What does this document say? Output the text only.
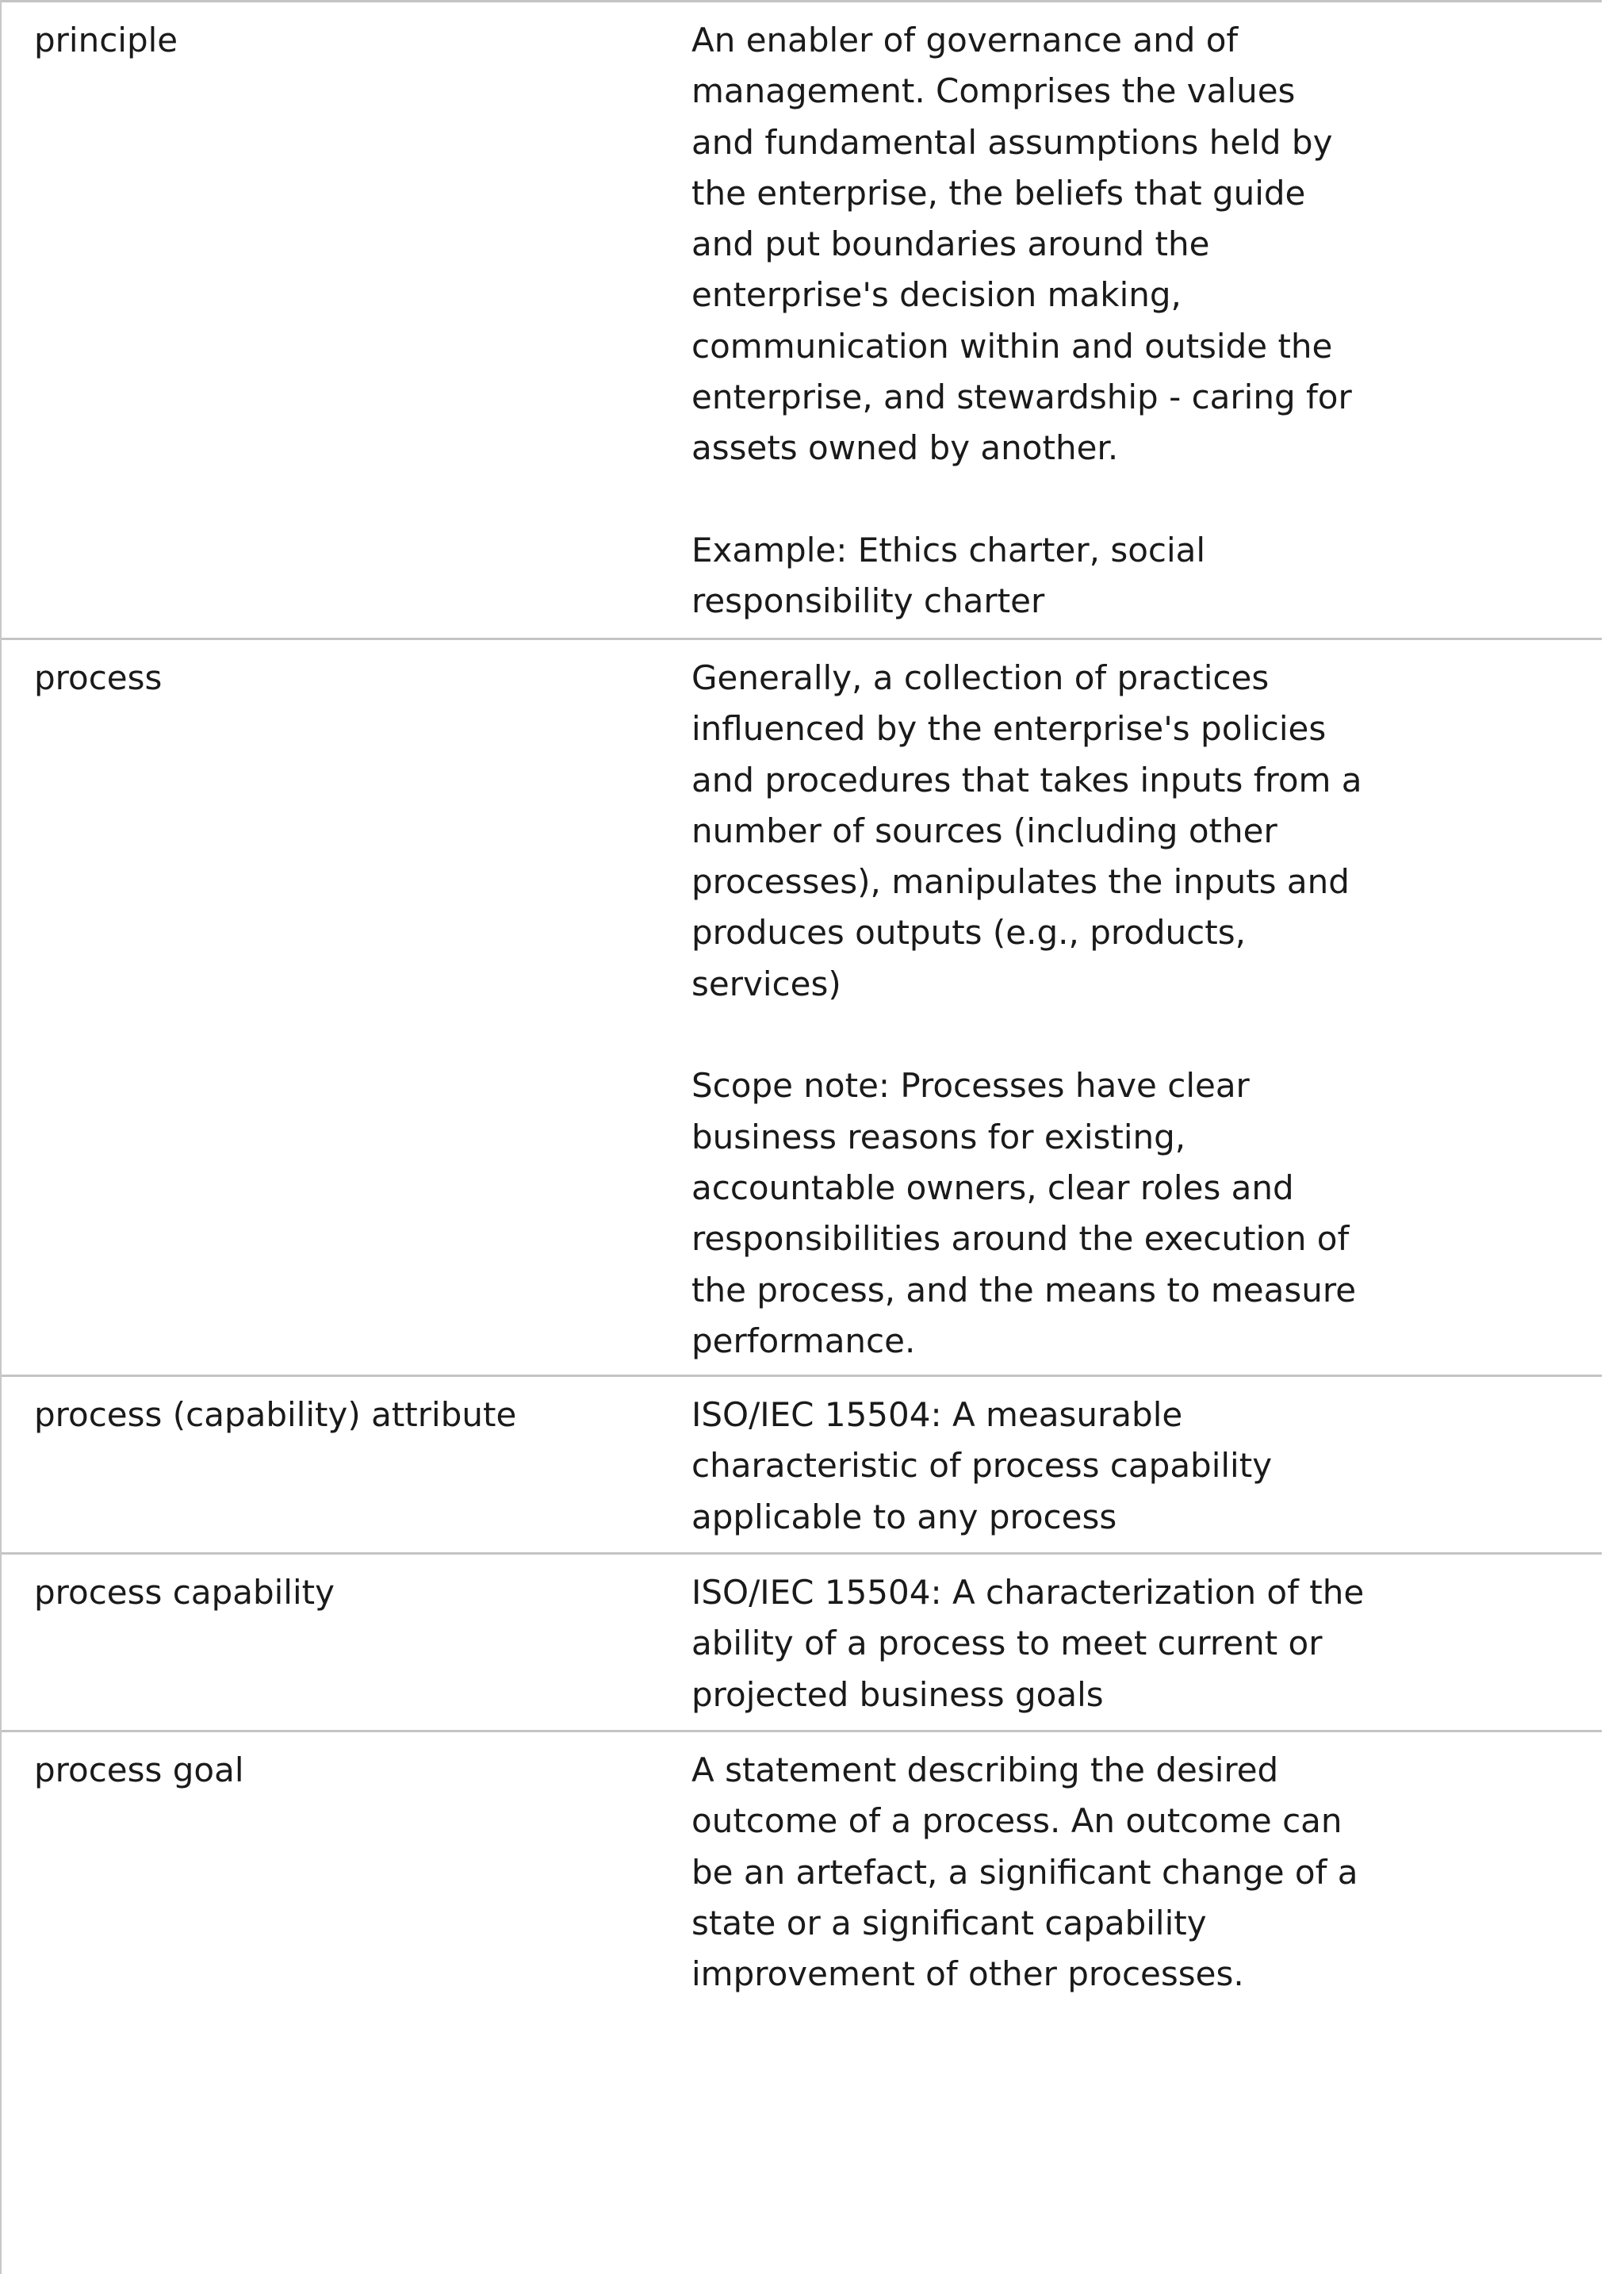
principle	An enabler of governance and of management. Comprises the values and fundamental assumptions held by the enterprise, the beliefs that guide and put boundaries around the enterprise's decision making, communication within and outside the enterprise, and stewardship - caring for assets owned by another.
Example: Ethics charter, social responsibility charter
process	Generally, a collection of practices influenced by the enterprise's policies and procedures that takes inputs from a number of sources (including other processes), manipulates the inputs and produces outputs (e.g., products, services)
Scope note: Processes have clear business reasons for existing, accountable owners, clear roles and responsibilities around the execution of the process, and the means to measure performance.
process (capability) attribute	ISO/IEC 15504: A measurable characteristic of process capability applicable to any process
process capability	ISO/IEC 15504: A characterization of the ability of a process to meet current or projected business goals
process goal	A statement describing the desired outcome of a process. An outcome can be an artefact, a significant change of a state or a significant capability improvement of other processes.
